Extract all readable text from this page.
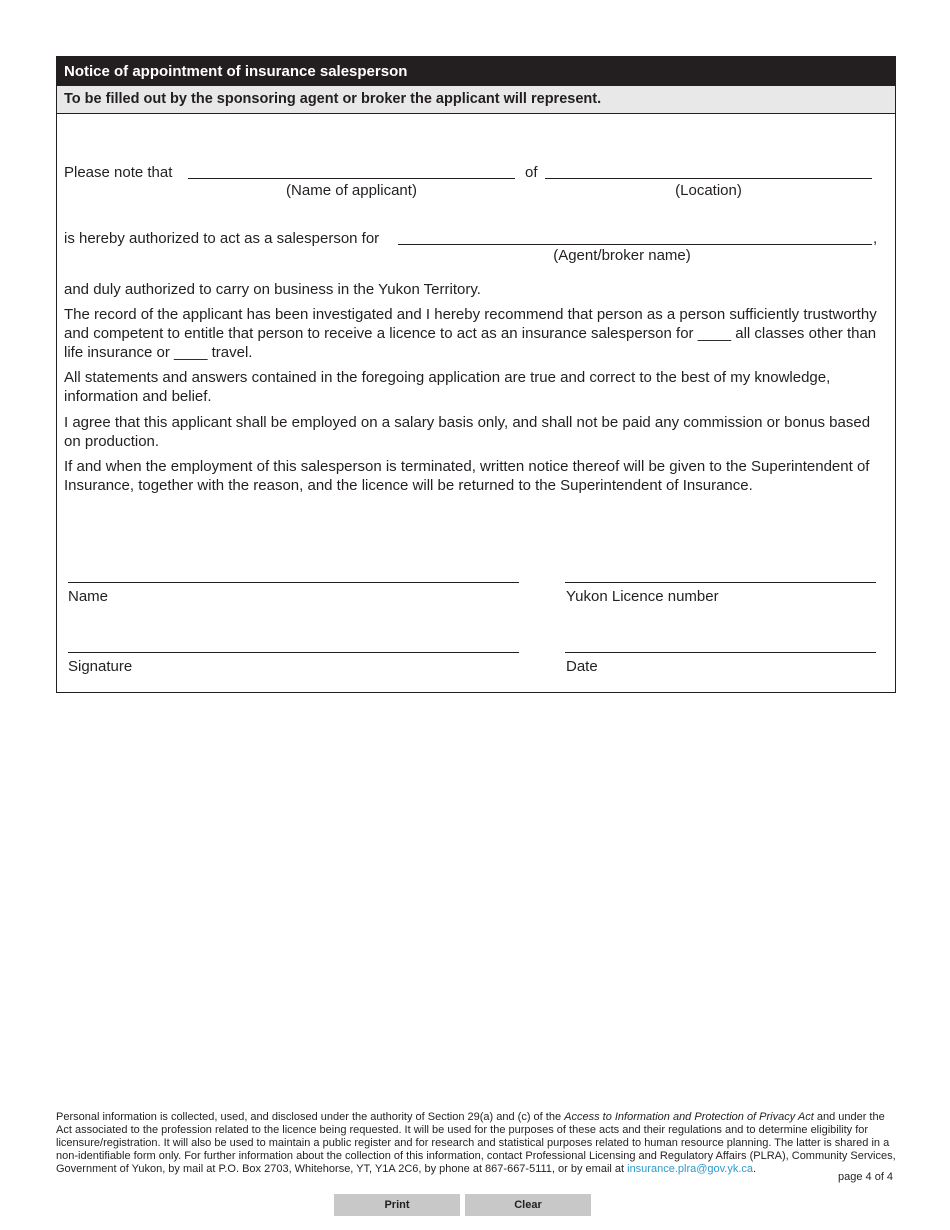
Notice of appointment of insurance salesperson
To be filled out by the sponsoring agent or broker the applicant will represent.
Please note that	of
(Name of applicant)	(Location)
is hereby authorized to act as a salesperson for	,
(Agent/broker name)
and duly authorized to carry on business in the Yukon Territory.
The record of the applicant has been investigated and I hereby recommend that person as a person sufficiently trustworthy and competent to entitle that person to receive a licence to act as an insurance salesperson for ____ all classes other than life insurance or ____ travel.
All statements and answers contained in the foregoing application are true and correct to the best of my knowledge, information and belief.
I agree that this applicant shall be employed on a salary basis only, and shall not be paid any commission or bonus based on production.
If and when the employment of this salesperson is terminated, written notice thereof will be given to the Superintendent of Insurance, together with the reason, and the licence will be returned to the Superintendent of Insurance.
Name	Yukon Licence number
Signature	Date
Personal information is collected, used, and disclosed under the authority of Section 29(a) and (c) of the Access to Information and Protection of Privacy Act and under the Act associated to the profession related to the licence being requested. It will be used for the purposes of these acts and their regulations and to determine eligibility for licensure/registration. It will also be used to maintain a public register and for research and statistical purposes related to human resource planning. The latter is shared in a non-identifiable form only. For further information about the collection of this information, contact Professional Licensing and Regulatory Affairs (PLRA), Community Services, Government of Yukon, by mail at P.O. Box 2703, Whitehorse, YT, Y1A 2C6, by phone at 867-667-5111, or by email at insurance.plra@gov.yk.ca.
page 4 of 4
Print	Clear
